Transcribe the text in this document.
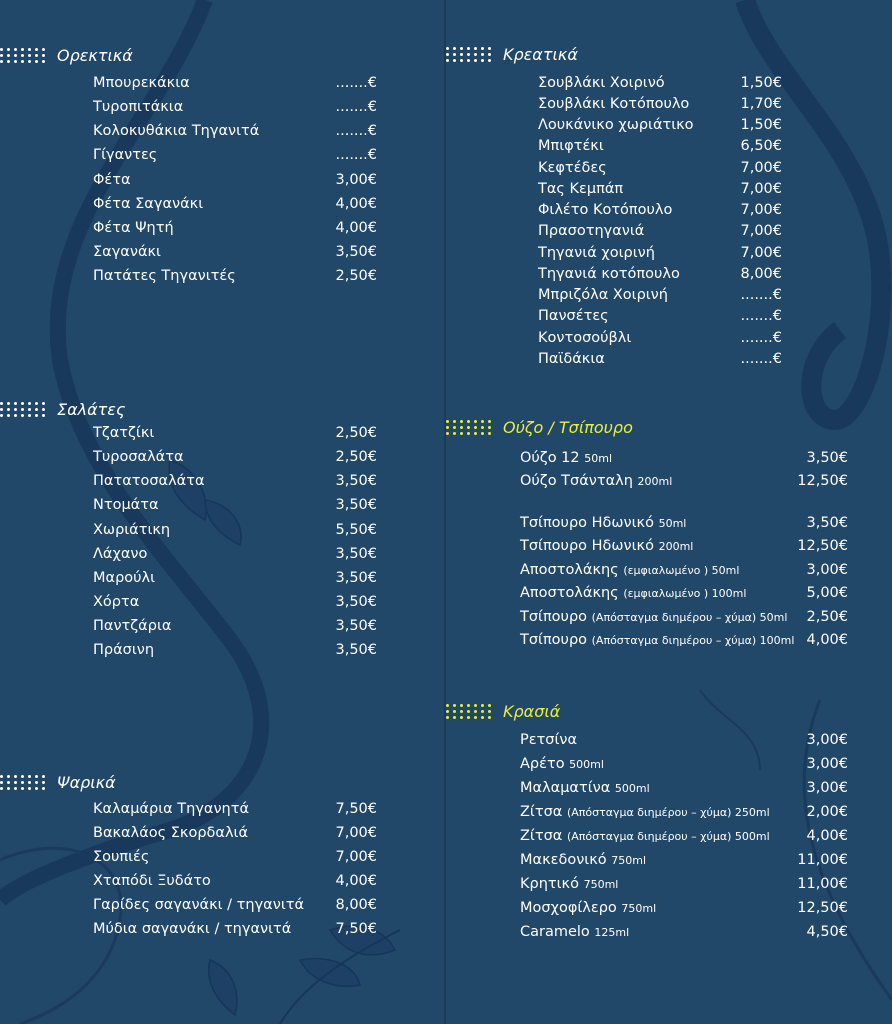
Ορεκτικά
Μπουρεκάκια	.......€
Τυροπιτάκια	.......€
Κολοκυθάκια Τηγανιτά	.......€
Γίγαντες	.......€
Φέτα	3,00€
Φέτα Σαγανάκι	4,00€
Φέτα Ψητή	4,00€
Σαγανάκι	3,50€
Πατάτες Τηγανιτές	2,50€
Σαλάτες
Τζατζίκι	2,50€
Τυροσαλάτα	2,50€
Πατατοσαλάτα	3,50€
Ντομάτα	3,50€
Χωριάτικη	5,50€
Λάχανο	3,50€
Μαρούλι	3,50€
Χόρτα	3,50€
Παντζάρια	3,50€
Πράσινη	3,50€
Ψαρικά
Καλαμάρια Τηγανητά	7,50€
Βακαλάος Σκορδαλιά	7,00€
Σουπιές	7,00€
Χταπόδι Ξυδάτο	4,00€
Γαρίδες σαγανάκι / τηγανιτά	8,00€
Μύδια σαγανάκι / τηγανιτά	7,50€
Κρεατικά
Σουβλάκι Χοιρινό	1,50€
Σουβλάκι Κοτόπουλο	1,70€
Λουκάνικο χωριάτικο	1,50€
Μπιφτέκι	6,50€
Κεφτέδες	7,00€
Τας Κεμπάπ	7,00€
Φιλέτο Κοτόπουλο	7,00€
Πρασοτηγανιά	7,00€
Τηγανιά χοιρινή	7,00€
Τηγανιά κοτόπουλο	8,00€
Μπριζόλα Χοιρινή	.......€
Πανσέτες	.......€
Κοντοσούβλι	.......€
Παϊδάκια	.......€
Ούζο / Τσίπουρο
Ούζο 12 50ml	3,50€
Ούζο Τσάνταλη 200ml	12,50€
Τσίπουρο Ηδωνικό 50ml	3,50€
Τσίπουρο Ηδωνικό 200ml	12,50€
Αποστολάκης (εμφιαλωμένο ) 50ml	3,00€
Αποστολάκης (εμφιαλωμένο ) 100ml	5,00€
Τσίπουρο (Απόσταγμα διημέρου – χύμα) 50ml	2,50€
Τσίπουρο (Απόσταγμα διημέρου – χύμα) 100ml 4,00€
Κρασιά
Ρετσίνα	3,00€
Αρέτο 500ml	3,00€
Μαλαματίνα 500ml	3,00€
Ζίτσα (Απόσταγμα διημέρου – χύμα) 250ml	2,00€
Ζίτσα (Απόσταγμα διημέρου – χύμα) 500ml	4,00€
Μακεδονικό 750ml	11,00€
Κρητικό 750ml	11,00€
Μοσχοφίλερο 750ml	12,50€
Caramelo 125ml	4,50€
